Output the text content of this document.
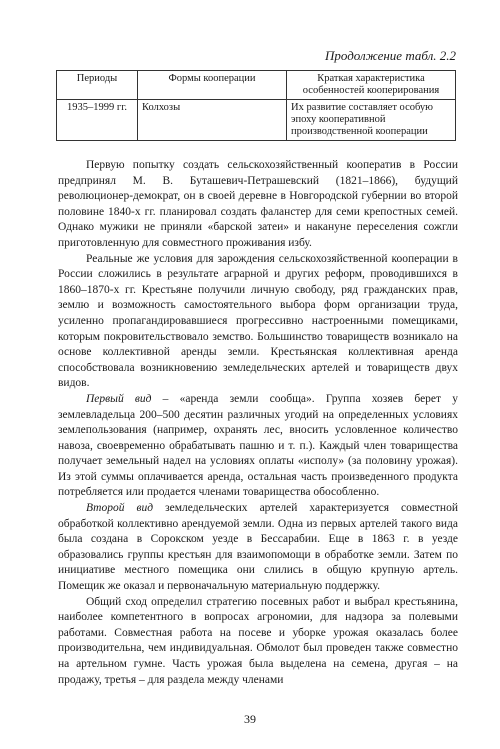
Продолжение табл. 2.2
Периоды	Формы кооперации	Краткая характеристика особенностей кооперирования
1935–1999 гг.	Колхозы	Их развитие составляет особую эпоху кооперативной производственной кооперации

Первую попытку создать сельскохозяйственный кооператив в России предпринял М. В. Буташевич-Петрашевский (1821–1866), будущий революционер-демократ, он в своей деревне в Новгородской губернии во второй половине 1840-х гг. планировал создать фаланстер для семи крепостных семей. Однако мужики не приняли «барской затеи» и накануне переселения сожгли приготовленную для совместного проживания избу.

Реальные же условия для зарождения сельскохозяйственной кооперации в России сложились в результате аграрной и других реформ, проводившихся в 1860–1870-х гг. Крестьяне получили личную свободу, ряд гражданских прав, землю и возможность самостоятельного выбора форм организации труда, усиленно пропагандировавшиеся прогрессивно настроенными помещиками, которым покровительствовало земство. Большинство товариществ возникало на основе коллективной аренды земли. Крестьянская коллективная аренда способствовала возникновению земледельческих артелей и товариществ двух видов.

Первый вид – «аренда земли сообща». Группа хозяев берет у землевладельца 200–500 десятин различных угодий на определенных условиях землепользования (например, охранять лес, вносить условленное количество навоза, своевременно обрабатывать пашню и т. п.). Каждый член товарищества получает земельный надел на условиях оплаты «исполу» (за половину урожая). Из этой суммы оплачивается аренда, остальная часть произведенного продукта потребляется или продается членами товарищества обособленно.

Второй вид земледельческих артелей характеризуется совместной обработкой коллективно арендуемой земли. Одна из первых артелей такого вида была создана в Сорокском уезде в Бессарабии. Еще в 1863 г. в уезде образовались группы крестьян для взаимопомощи в обработке земли. Затем по инициативе местного помещика они слились в общую крупную артель. Помещик же оказал и первоначальную материальную поддержку.

Общий сход определил стратегию посевных работ и выбрал крестьянина, наиболее компетентного в вопросах агрономии, для надзора за полевыми работами. Совместная работа на посеве и уборке урожая оказалась более производительна, чем индивидуальная. Обмолот был проведен также совместно на артельном гумне. Часть урожая была выделена на семена, другая – на продажу, третья – для раздела между членами

39
